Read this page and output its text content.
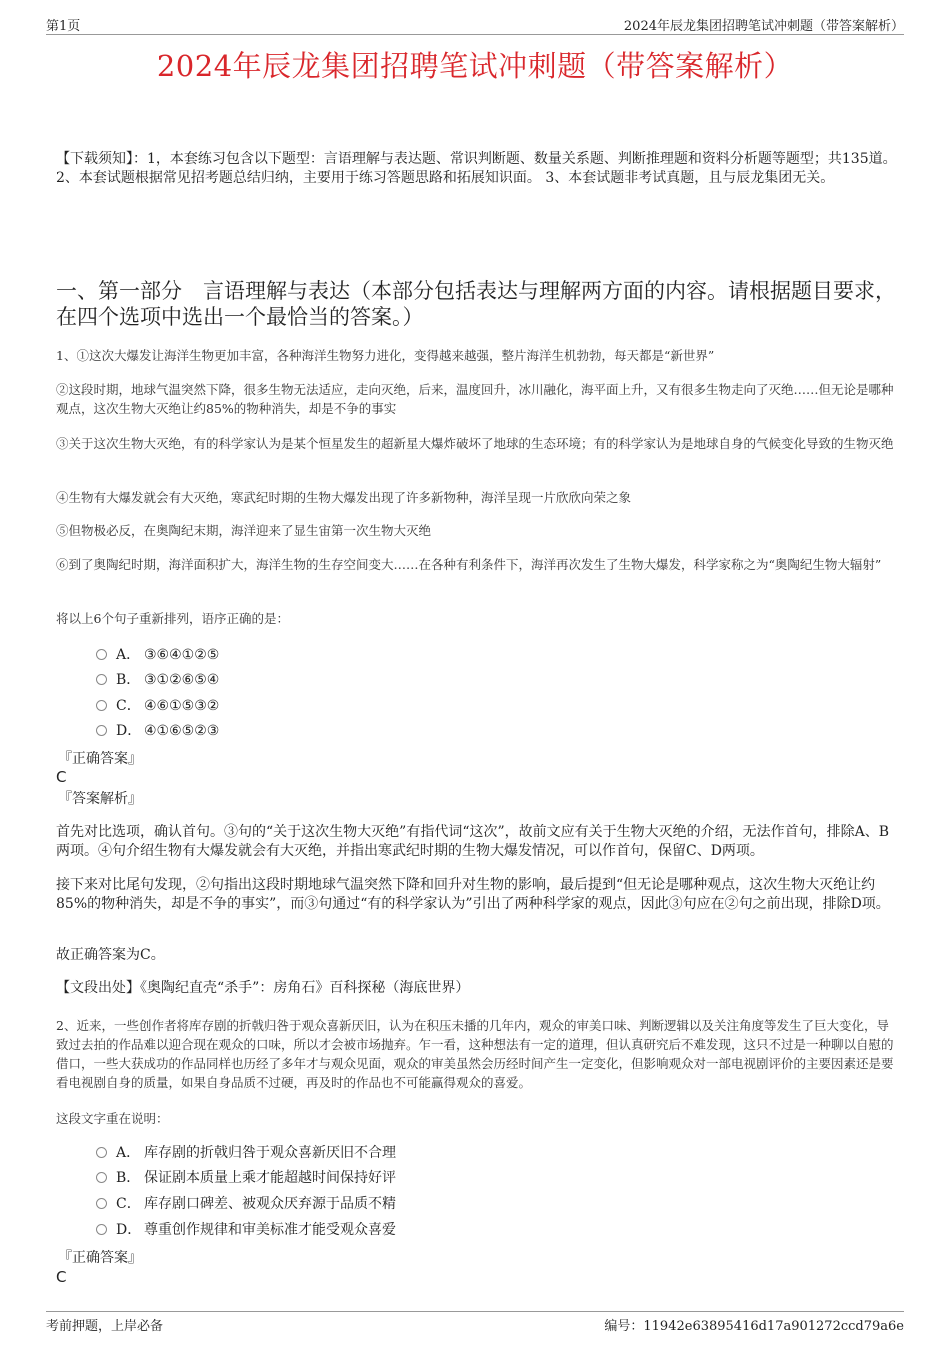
第1页	2024年辰龙集团招聘笔试冲刺题（带答案解析）
2024年辰龙集团招聘笔试冲刺题（带答案解析）
【下载须知】：1，本套练习包含以下题型：言语理解与表达题、常识判断题、数量关系题、判断推理题和资料分析题等题型；共135道。 2、本套试题根据常见招考题总结归纳，主要用于练习答题思路和拓展知识面。 3、本套试题非考试真题，且与辰龙集团无关。
一、第一部分　言语理解与表达（本部分包括表达与理解两方面的内容。请根据题目要求，在四个选项中选出一个最恰当的答案。）
1、①这次大爆发让海洋生物更加丰富，各种海洋生物努力进化，变得越来越强，整片海洋生机勃勃，每天都是“新世界”
②这段时期，地球气温突然下降，很多生物无法适应，走向灭绝，后来，温度回升，冰川融化，海平面上升，又有很多生物走向了灭绝……但无论是哪种观点，这次生物大灭绝让约85%的物种消失，却是不争的事实
③关于这次生物大灭绝，有的科学家认为是某个恒星发生的超新星大爆炸破坏了地球的生态环境；有的科学家认为是地球自身的气候变化导致的生物灭绝
④生物有大爆发就会有大灭绝，寒武纪时期的生物大爆发出现了许多新物种，海洋呈现一片欣欣向荣之象
⑤但物极必反，在奥陶纪末期，海洋迎来了显生宙第一次生物大灭绝
⑥到了奥陶纪时期，海洋面积扩大，海洋生物的生存空间变大……在各种有利条件下，海洋再次发生了生物大爆发，科学家称之为“奥陶纪生物大辐射”
将以上6个句子重新排列，语序正确的是：
A． ③⑥④①②⑤
B． ③①②⑥⑤④
C． ④⑥①⑤③②
D． ④①⑥⑤②③
『正确答案』
C
『答案解析』
首先对比选项，确认首句。③句的“关于这次生物大灭绝”有指代词“这次”，故前文应有关于生物大灭绝的介绍，无法作首句，排除A、B两项。④句介绍生物有大爆发就会有大灭绝，并指出寒武纪时期的生物大爆发情况，可以作首句，保留C、D两项。
接下来对比尾句发现，②句指出这段时期地球气温突然下降和回升对生物的影响，最后提到“但无论是哪种观点，这次生物大灭绝让约85%的物种消失，却是不争的事实”，而③句通过“有的科学家认为”引出了两种科学家的观点，因此③句应在②句之前出现，排除D项。
故正确答案为C。
【文段出处】《奥陶纪直壳“杀手”：房角石》百科探秘（海底世界）
2、近来，一些创作者将库存剧的折戟归咎于观众喜新厌旧，认为在积压未播的几年内，观众的审美口味、判断逻辑以及关注角度等发生了巨大变化，导致过去拍的作品难以迎合现在观众的口味，所以才会被市场抛弃。乍一看，这种想法有一定的道理，但认真研究后不难发现，这只不过是一种聊以自慰的借口，一些大获成功的作品同样也历经了多年才与观众见面，观众的审美虽然会历经时间产生一定变化，但影响观众对一部电视剧评价的主要因素还是要看电视剧自身的质量，如果自身品质不过硬，再及时的作品也不可能赢得观众的喜爱。
这段文字重在说明：
A． 库存剧的折戟归咎于观众喜新厌旧不合理
B． 保证剧本质量上乘才能超越时间保持好评
C． 库存剧口碑差、被观众厌弃源于品质不精
D． 尊重创作规律和审美标准才能受观众喜爱
『正确答案』
C
考前押题，上岸必备	编号：11942e63895416d17a901272ccd79a6e
